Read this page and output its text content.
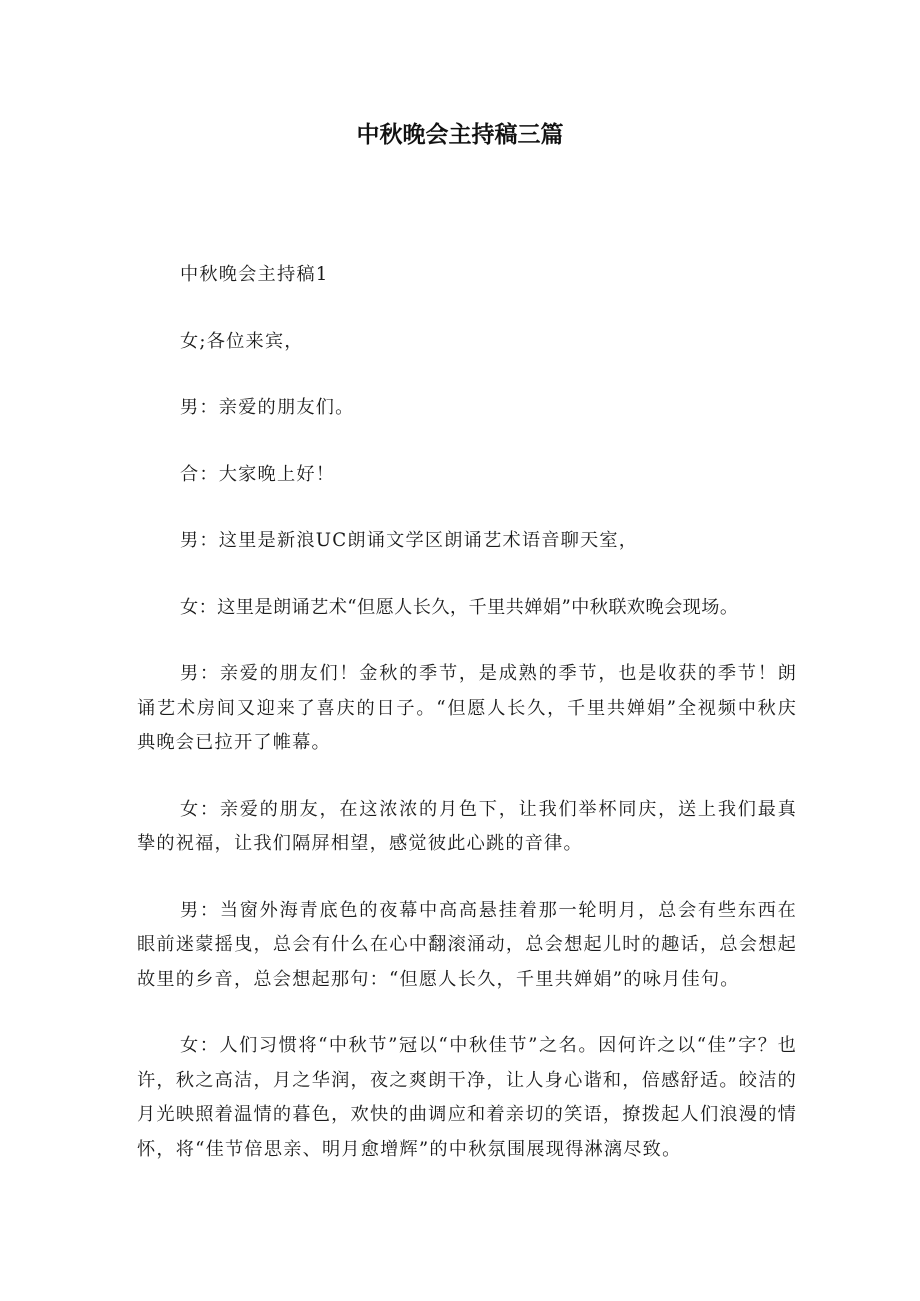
中秋晚会主持稿三篇

中秋晚会主持稿1

女;各位来宾，

男：亲爱的朋友们。

合：大家晚上好！

男：这里是新浪UC朗诵文学区朗诵艺术语音聊天室，

女：这里是朗诵艺术“但愿人长久，千里共婵娟”中秋联欢晚会现场。

男：亲爱的朋友们！金秋的季节，是成熟的季节，也是收获的季节！朗诵艺术房间又迎来了喜庆的日子。“但愿人长久，千里共婵娟”全视频中秋庆典晚会已拉开了帷幕。

女：亲爱的朋友，在这浓浓的月色下，让我们举杯同庆，送上我们最真挚的祝福，让我们隔屏相望，感觉彼此心跳的音律。

男：当窗外海青底色的夜幕中高高悬挂着那一轮明月，总会有些东西在眼前迷蒙摇曳，总会有什么在心中翻滚涌动，总会想起儿时的趣话，总会想起故里的乡音，总会想起那句：“但愿人长久，千里共婵娟”的咏月佳句。

女：人们习惯将“中秋节”冠以“中秋佳节”之名。因何许之以“佳”字？也许，秋之高洁，月之华润，夜之爽朗干净，让人身心谐和，倍感舒适。皎洁的月光映照着温情的暮色，欢快的曲调应和着亲切的笑语，撩拨起人们浪漫的情怀，将“佳节倍思亲、明月愈增辉”的中秋氛围展现得淋漓尽致。
